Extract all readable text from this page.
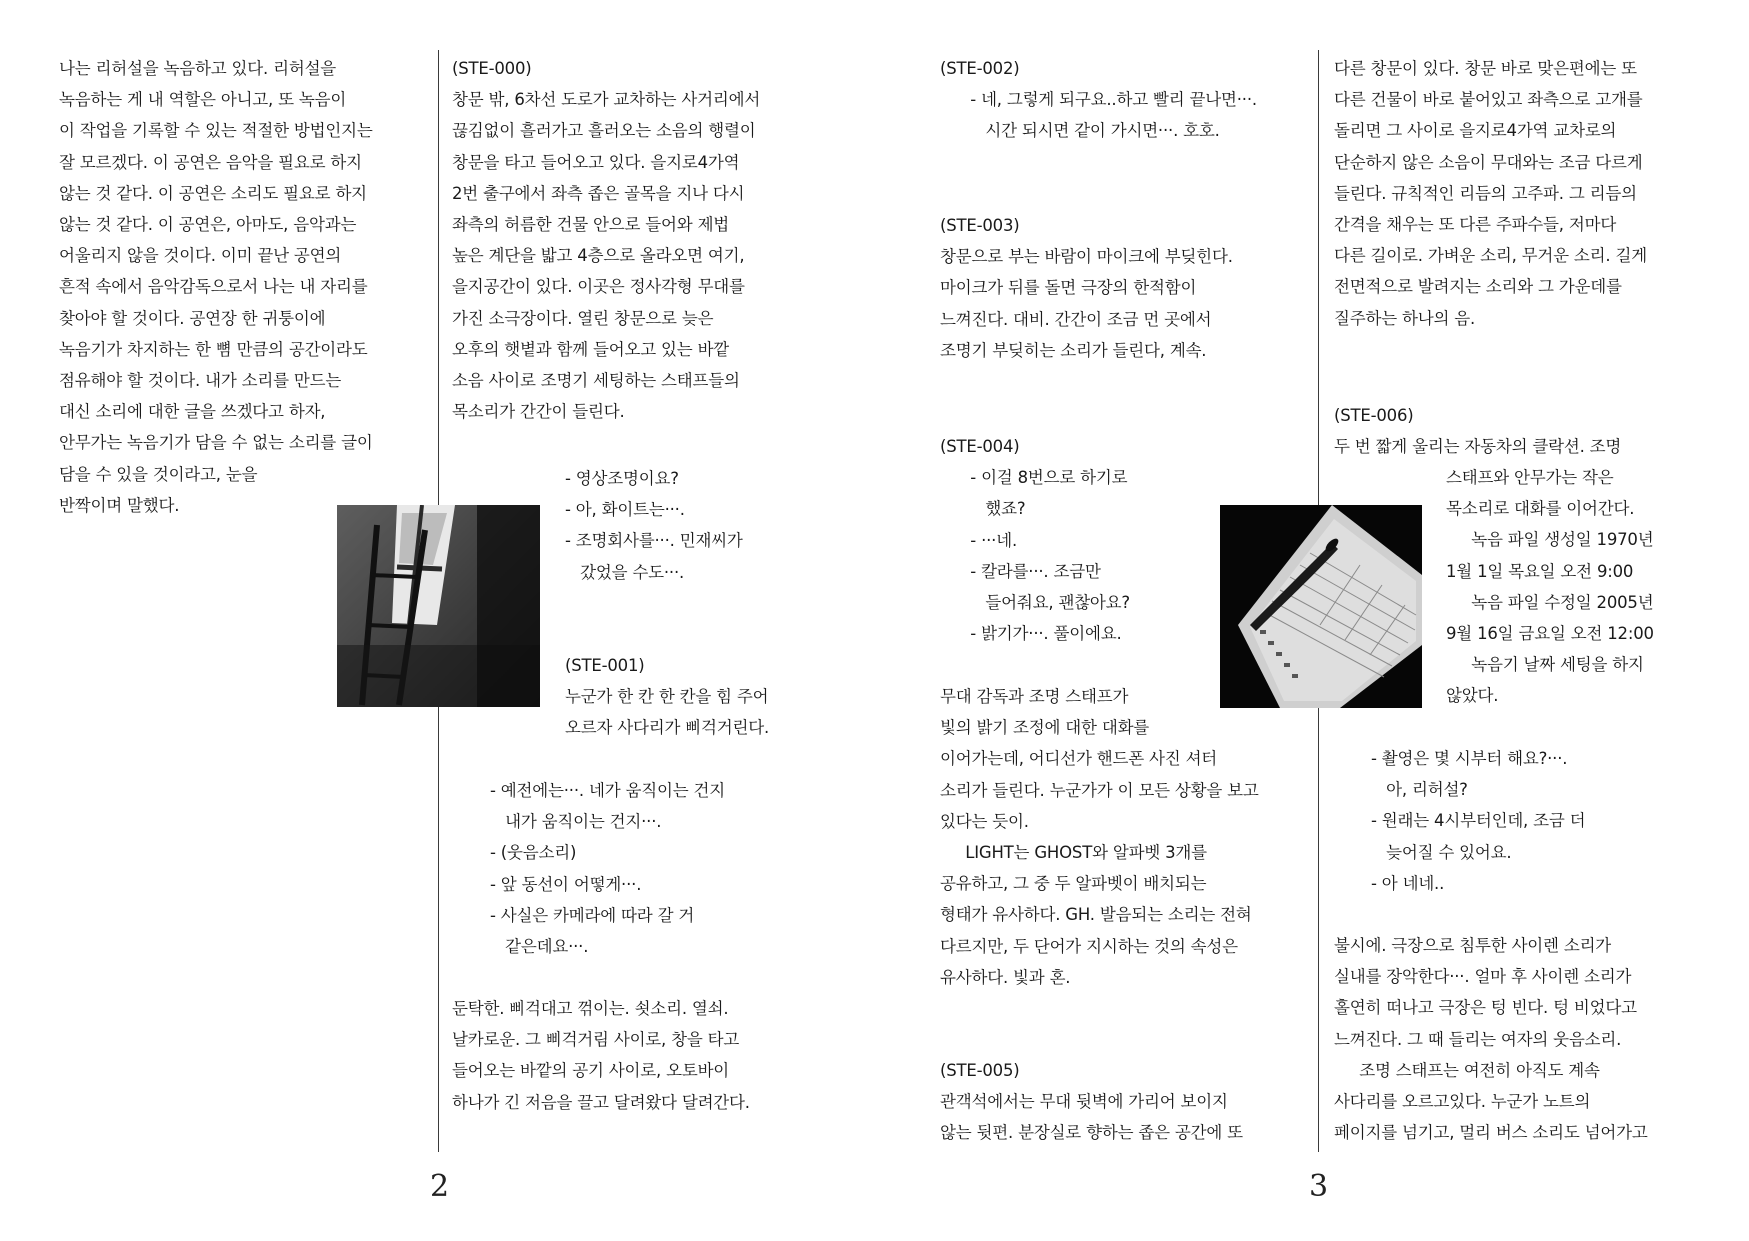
나는 리허설을 녹음하고 있다. 리허설을
녹음하는 게 내 역할은 아니고, 또 녹음이
이 작업을 기록할 수 있는 적절한 방법인지는
잘 모르겠다. 이 공연은 음악을 필요로 하지
않는 것 같다. 이 공연은 소리도 필요로 하지
않는 것 같다. 이 공연은, 아마도, 음악과는
어울리지 않을 것이다. 이미 끝난 공연의
흔적 속에서 음악감독으로서 나는 내 자리를
찾아야 할 것이다. 공연장 한 귀퉁이에
녹음기가 차지하는 한 뼘 만큼의 공간이라도
점유해야 할 것이다. 내가 소리를 만드는
대신 소리에 대한 글을 쓰겠다고 하자,
안무가는 녹음기가 담을 수 없는 소리를 글이
담을 수 있을 것이라고, 눈을
반짝이며 말했다.
(STE-000)
창문 밖, 6차선 도로가 교차하는 사거리에서
끊김없이 흘러가고 흘러오는 소음의 행렬이
창문을 타고 들어오고 있다. 을지로4가역
2번 출구에서 좌측 좁은 골목을 지나 다시
좌측의 허름한 건물 안으로 들어와 제법
높은 계단을 밟고 4층으로 올라오면 여기,
을지공간이 있다. 이곳은 정사각형 무대를
가진 소극장이다. 열린 창문으로 늦은
오후의 햇볕과 함께 들어오고 있는 바깥
소음 사이로 조명기 세팅하는 스태프들의
목소리가 간간이 들린다.
- 영상조명이요?
- 아, 화이트는···.
- 조명회사를···. 민재씨가
갔었을 수도···.
(STE-001)
누군가 한 칸 한 칸을 힘 주어
오르자 사다리가 삐걱거린다.
- 예전에는···. 네가 움직이는 건지
내가 움직이는 건지···.
- (웃음소리)
- 앞 동선이 어떻게···.
- 사실은 카메라에 따라 갈 거
같은데요···.
둔탁한. 삐걱대고 꺾이는. 쇳소리. 열쇠.
날카로운. 그 삐걱거림 사이로, 창을 타고
들어오는 바깥의 공기 사이로, 오토바이
하나가 긴 저음을 끌고 달려왔다 달려간다.
2
(STE-002)
- 네, 그렇게 되구요..하고 빨리 끝나면···.
시간 되시면 같이 가시면···. 호호.
(STE-003)
창문으로 부는 바람이 마이크에 부딪힌다.
마이크가 뒤를 돌면 극장의 한적함이
느껴진다. 대비. 간간이 조금 먼 곳에서
조명기 부딪히는 소리가 들린다, 계속.
(STE-004)
- 이걸 8번으로 하기로
했죠?
- ···네.
- 칼라를···. 조금만
들어줘요, 괜찮아요?
- 밝기가···. 풀이에요.
무대 감독과 조명 스태프가
빛의 밝기 조정에 대한 대화를
이어가는데, 어디선가 핸드폰 사진 셔터
소리가 들린다. 누군가가 이 모든 상황을 보고
있다는 듯이.
LIGHT는 GHOST와 알파벳 3개를
공유하고, 그 중 두 알파벳이 배치되는
형태가 유사하다. GH. 발음되는 소리는 전혀
다르지만, 두 단어가 지시하는 것의 속성은
유사하다. 빛과 혼.
(STE-005)
관객석에서는 무대 뒷벽에 가리어 보이지
않는 뒷편. 분장실로 향하는 좁은 공간에 또
다른 창문이 있다. 창문 바로 맞은편에는 또
다른 건물이 바로 붙어있고 좌측으로 고개를
돌리면 그 사이로 을지로4가역 교차로의
단순하지 않은 소음이 무대와는 조금 다르게
들린다. 규칙적인 리듬의 고주파. 그 리듬의
간격을 채우는 또 다른 주파수들, 저마다
다른 길이로. 가벼운 소리, 무거운 소리. 길게
전면적으로 발려지는 소리와 그 가운데를
질주하는 하나의 음.
(STE-006)
두 번 짧게 울리는 자동차의 클락션. 조명
스태프와 안무가는 작은
목소리로 대화를 이어간다.
녹음 파일 생성일 1970년
1월 1일 목요일 오전 9:00
녹음 파일 수정일 2005년
9월 16일 금요일 오전 12:00
녹음기 날짜 세팅을 하지
않았다.
- 촬영은 몇 시부터 해요?···.
아, 리허설?
- 원래는 4시부터인데, 조금 더
늦어질 수 있어요.
- 아 네네..
불시에. 극장으로 침투한 사이렌 소리가
실내를 장악한다···. 얼마 후 사이렌 소리가
홀연히 떠나고 극장은 텅 빈다. 텅 비었다고
느껴진다. 그 때 들리는 여자의 웃음소리.
조명 스태프는 여전히 아직도 계속
사다리를 오르고있다. 누군가 노트의
페이지를 넘기고, 멀리 버스 소리도 넘어가고
3
